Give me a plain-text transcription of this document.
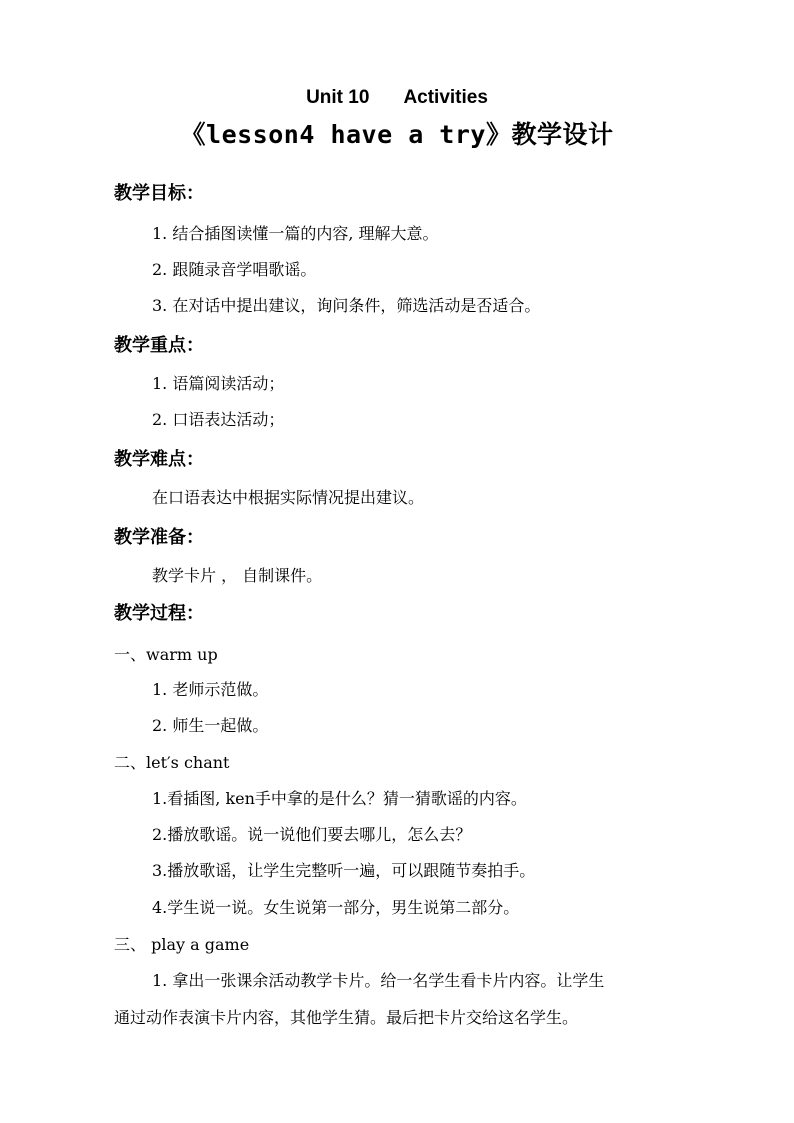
Unit 10 Activities
《lesson4 have a try》教学设计
教学目标：
1. 结合插图读懂一篇的内容, 理解大意。
2. 跟随录音学唱歌谣。
3. 在对话中提出建议，询问条件，筛选活动是否适合。
教学重点：
1. 语篇阅读活动；
2. 口语表达活动；
教学难点：
在口语表达中根据实际情况提出建议。
教学准备：
教学卡片 ， 自制课件。
教学过程：
一、warm up
1. 老师示范做。
2. 师生一起做。
二、let′s chant
1.看插图, ken手中拿的是什么？猜一猜歌谣的内容。
2.播放歌谣。说一说他们要去哪儿，怎么去？
3.播放歌谣，让学生完整听一遍，可以跟随节奏拍手。
4.学生说一说。女生说第一部分，男生说第二部分。
三、 play a game
1. 拿出一张课余活动教学卡片。给一名学生看卡片内容。让学生
通过动作表演卡片内容，其他学生猜。最后把卡片交给这名学生。
